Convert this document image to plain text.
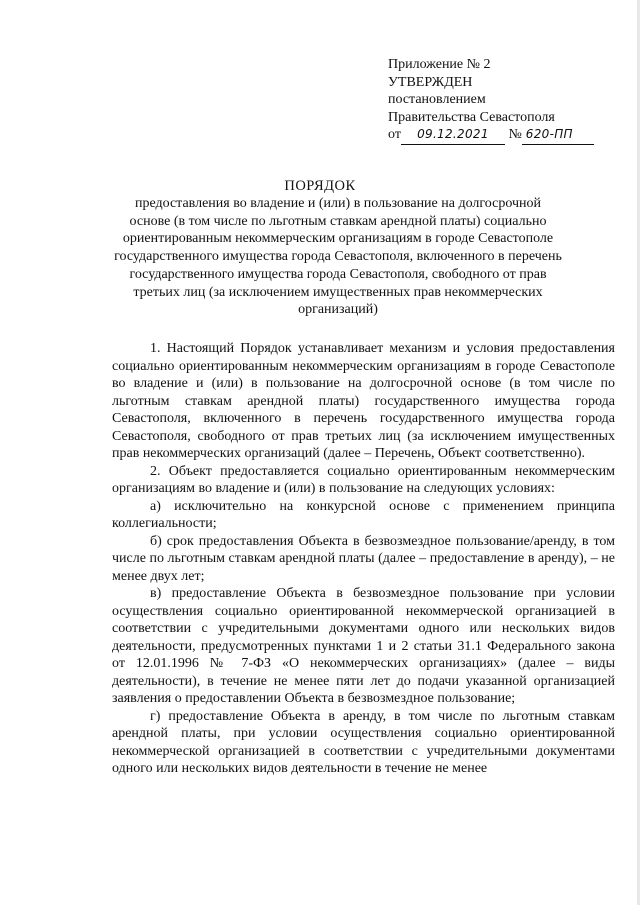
Приложение № 2
УТВЕРЖДЕН
постановлением
Правительства Севастополя
от 09.12.2021 № 620-ПП
ПОРЯДОК
предоставления во владение и (или) в пользование на долгосрочной
основе (в том числе по льготным ставкам арендной платы) социально
ориентированным некоммерческим организациям в городе Севастополе
государственного имущества города Севастополя, включенного в перечень
государственного имущества города Севастополя, свободного от прав
третьих лиц (за исключением имущественных прав некоммерческих
организаций)

1. Настоящий Порядок устанавливает механизм и условия предоставления социально ориентированным некоммерческим организациям в городе Севастополе во владение и (или) в пользование на долгосрочной основе (в том числе по льготным ставкам арендной платы) государственного имущества города Севастополя, включенного в перечень государственного имущества города Севастополя, свободного от прав третьих лиц (за исключением имущественных прав некоммерческих организаций (далее – Перечень, Объект соответственно).

2. Объект предоставляется социально ориентированным некоммерческим организациям во владение и (или) в пользование на следующих условиях:

а) исключительно на конкурсной основе с применением принципа коллегиальности;

б) срок предоставления Объекта в безвозмездное пользование/аренду, в том числе по льготным ставкам арендной платы (далее – предоставление в аренду), – не менее двух лет;

в) предоставление Объекта в безвозмездное пользование при условии осуществления социально ориентированной некоммерческой организацией в соответствии с учредительными документами одного или нескольких видов деятельности, предусмотренных пунктами 1 и 2 статьи 31.1 Федерального закона от 12.01.1996 № 7-ФЗ «О некоммерческих организациях» (далее – виды деятельности), в течение не менее пяти лет до подачи указанной организацией заявления о предоставлении Объекта в безвозмездное пользование;

г) предоставление Объекта в аренду, в том числе по льготным ставкам арендной платы, при условии осуществления социально ориентированной некоммерческой организацией в соответствии с учредительными документами одного или нескольких видов деятельности в течение не менее
